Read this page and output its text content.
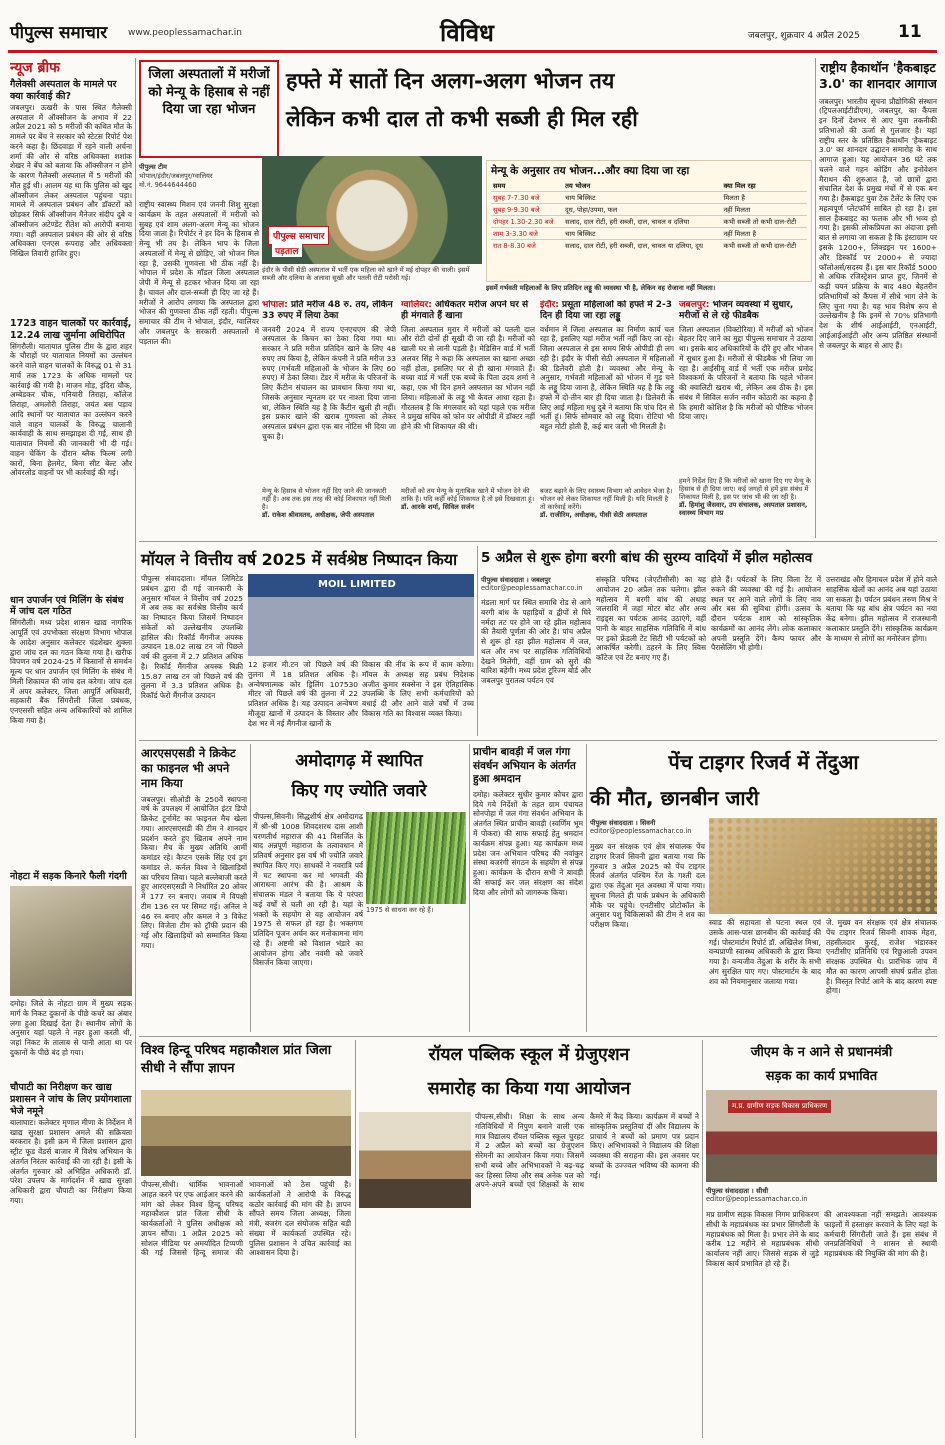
पीपुल्स समाचार www.peoplessamachar.in	विविध	जबलपुर, शुक्रवार 4 अप्रैल 2025 11
न्यूज ब्रीफ
गैलेक्सी अस्पताल के मामले पर क्या कार्रवाई की?
जबलपुर। ऊखरी के पास स्थित गैलेक्सी अस्पताल में ऑक्सीजन के अभाव में 22 अप्रैल 2021 को 5 मरीजों की कथित मौत के मामले पर बेंच ने सरकार को स्टेटस रिपोर्ट पेश करने कहा है। छिंदवाड़ा में रहने वाली अर्चना शर्मा की ओर से वरिष्ठ अधिवक्ता शशांक शेखर ने बेंच को बताया कि ऑक्सीजन न होने के कारण गैलेक्सी अस्पताल में 5 मरीजों की मौत हुई थी। आलम यह था कि पुलिस को खुद ऑक्सीजन लेकर अस्पताल पहुंचना पड़ा। मामले में अस्पताल प्रबंधन और डॉक्टरों को छोड़कर सिर्फ ऑक्सीजन मैनेजर संदीप दुबे व ऑक्सीजन अटेण्डेंट रीतेश को आरोपी बनाया गया। वहीं अस्पताल प्रबंधन की ओर से वरिष्ठ अधिवक्ता एनएस रूपराह और अधिवक्ता निखिल तिवारी हाजिर हुए।
1723 वाहन चालकों पर कार्रवाई, 12.24 लाख जुर्माना अधिरोपित
सिंगरौली। यातायात पुलिस टीम के द्वारा शहर के चौराहों पर यातायात नियमों का उल्लंघन करने वाले वाहन चालकों के विरुद्ध 01 से 31 मार्च तक 1723 के अधिक मामलों पर कार्रवाई की गयी है। माजन मोड़, इंदिरा चौक, अम्बेडकर चौक, गनियारी तिराहा, कॉलेज तिराहा, अमलोरी तिराहा, जयंत बस पड़ाव आदि स्थानों पर यातायात का उल्लंघन करने वाले वाहन चालकों के विरुद्ध चालानी कार्यवाही के साथ समझाइश दी गई, साथ ही यातायात नियमों की जानकारी भी दी गई। वाहन चेकिंग के दौरान ब्लैक फिल्म लगी कारों, बिना हेलमेट, बिना सीट बेल्ट और ओवरलोड वाहनों पर भी कार्रवाई की गई।
धान उपार्जन एवं मिलिंग के संबंध में जांच दल गठित
सिंगरौली। मध्य प्रदेश शासन खाद्य नागरिक आपूर्ति एवं उपभोक्ता संरक्षण विभाग भोपाल के आदेश अनुसार कलेक्टर चंद्रशेखर शुक्ला द्वारा जांच दल का गठन किया गया है। खरीफ विपणन वर्ष 2024-25 में किसानों से समर्थन मूल्य पर धान उपार्जन एवं मिलिंग के संबंध में मिली शिकायत की जांच दल करेगा। जांच दल में अपर कलेक्टर, जिला आपूर्ति अधिकारी, सहकारी बैंक सिंगरौली जिला प्रबंधक, एनएससी सहित अन्य अधिकारियों को शामिल किया गया है।
नोहटा में सड़क किनारे फैली गंदगी
दमोह। जिले के नोहटा ग्राम में मुख्य सड़क मार्ग के निकट दुकानों के पीछे कचरे का अंबार लगा हुआ दिखाई देता है। स्थानीय लोगों के अनुसार यहां पहले ने नहर हुआ करती थी, जहां निकट के तालाब से पानी आता था पर दुकानों के पीछे बंद हो गया।
चौपाटी का निरीक्षण कर खाद्य प्रशासन ने जांच के लिए प्रयोगशाला भेजे नमूने
बालाघाट। कलेक्टर मृणाल मीणा के निर्देशन में खाद्य सुरक्षा प्रशासन अमले की सक्रियता बरकरार है। इसी क्रम में जिला प्रशासन द्वारा स्ट्रीट फूड वेंडर्स बाजार में विशेष अभियान के अंतर्गत निरंतर कार्रवाई की जा रही है। इसी के अंतर्गत गुरुवार को अभिहित अधिकारी डॉ. परेश उपलप के मार्गदर्शन में खाद्य सुरक्षा अधिकारी द्वारा चौपाटी का निरीक्षण किया गया।
जिला अस्पतालों में मरीजों को मेन्यू के हिसाब से नहीं दिया जा रहा भोजन
हफ्ते में सातों दिन अलग-अलग भोजन तय
लेकिन कभी दाल तो कभी सब्जी ही मिल रही
पीपुल्स टीम
भोपाल/इंदौर/जबलपुर/ग्वालियर
मो.नं. 9644644460
राष्ट्रीय स्वास्थ्य मिशन एवं जननी शिशु सुरक्षा कार्यक्रम के तहत अस्पतालों में मरीजों को सुबह एवं शाम अलग-अलग मेन्यू का भोजन दिया जाता है। रिपोर्टर ने हर दिन के हिसाब से मेन्यू भी तय है। लेकिन भाप के जिला अस्पतालों में मेन्यू से छोड़िए, जो भोजन मिल रहा है, उसकी गुणवत्ता भी ठीक नहीं है। भोपाल में प्रदेश के मॉडल जिला अस्पताल जेपी में मेन्यू से हटकर भोजन दिया जा रहा है। चावल और दाल-सब्जी ही दिए जा रहे हैं। मरीजों ने आरोप लगाया कि अस्पताल द्वारा भोजन की गुणवत्ता ठीक नहीं रहती। पीपुल्स समाचार की टीम ने भोपाल, इंदौर, ग्वालियर और जबलपुर के सरकारी अस्पतालों में पड़ताल की।
पीपुल्स समाचार
पड़ताल
इंदौर के पीसी सेठी अस्पताल में भर्ती एक महिला को खाने में मई दोपहर की थाली। इसमें सब्जी और दलिया के अलावा सूखी और पतली रोटी परोसी गई।
मेन्यू के अनुसार तय भोजन...और क्या दिया जा रहा
समय	तय भोजन	क्या मिल रहा
सुबह 7-7.30 बजे	चाय बिस्किट	मिलता है
सुबह 9-9.30 बजे	दूध, पोहा/उपमा, फल	नहीं मिलता
दोपहर 1.30-2.30 बजे	सलाद, दाल रोटी, हरी सब्जी, दाल, चावल व दलिया	कभी सब्जी तो कभी दाल-रोटी
शाम 3-3.30 बजे	चाय बिस्किट	नहीं मिलता है
रात 8-8.30 बजे	सलाद, दाल रोटी, हरी सब्जी, दाल, चावल या दलिया, दूध	कभी सब्जी तो कभी दाल-रोटी
इसमें गर्भवती महिलाओं के लिए प्रतिदिन लड्डू की व्यवस्था भी है, लेकिन वह रोजाना नहीं मिलता।
भोपाल: प्रति मरीज 48 रु. तय, लेकिन 33 रुपए में लिया ठेका
जनवरी 2024 में राज्य एनएचएम की जेपी अस्पताल के किचन का ठेका दिया गया था। सरकार ने प्रति मरीज प्रतिदिन खाने के लिए 48 रुपए तय किया है, लेकिन कंपनी ने प्रति मरीज 33 रुपए (गर्भवती महिलाओं के भोजन के लिए 60 रुपए) में ठेका लिया। टेंडर में मरीज के परिजनों के लिए कैंटीन संचालन का प्रावधान किया गया था, जिसके अनुसार न्यूनतम दर पर नाश्ता दिया जाना था, लेकिन स्थिति यह है कि कैंटीन खुली ही नहीं। इस प्रकार खाने की खराब गुणवत्ता को लेकर अस्पताल प्रबंधन द्वारा एक बार नोटिस भी दिया जा चुका है।
मेन्यू के हिसाब से भोजन नहीं दिए जाने की जानकारी नहीं है। अब तक इस तरह की कोई शिकायत नहीं मिली है।
डॉ. राकेश श्रीवास्तव, अधीक्षक, जेपी अस्पताल
ग्वालियर: अधिकतर मरीज अपने घर से ही मंगवाते हैं खाना
जिला अस्पताल मुरार में मरीजों को पतली दाल और रोटी दोनों ही सूखी दी जा रही है। मरीजों को खाली घर से लानी पड़ती है। मेडिसिन वार्ड में भर्ती अलवर सिंह ने कहा कि अस्पताल का खाना अच्छा नहीं होता, इसलिए घर से ही खाना मंगवाते हैं। बच्चा वार्ड में भर्ती एक बच्चे के पिता उदय शर्मा ने कहा, एक भी दिन हमने अस्पताल का भोजन नहीं लिया। महिलाओं के लड्डू भी केवल आधा रहता है। गौरतलब है कि मंगलवार को यहां पहले एक मरीज ने प्रमुख सचिव को फोन पर ओपीडी में डॉक्टर नहीं होने की भी शिकायत की थी।
मरीजों को तय मेन्यू के मुताबिक खाने में भोजन देने की ताकि है। यदि कहीं कोई शिकायत है तो इसे दिखवाता हूं।
डॉ. आरके शर्मा, सिविल सर्जन
इंदौर: प्रसूता महिलाओं को हफ्ते में 2-3 दिन ही दिया जा रहा लड्डू
वर्धमान में जिला अस्पताल का निर्माण कार्य चल रहा है, इसलिए यहां मरीज भर्ती नहीं किए जा रहे। जिला अस्पताल से इस समय सिर्फ ओपीडी ही लग रही है। इंदौर के पीसी सेठी अस्पताल में महिलाओं की डिलेवरी होती है। व्यवस्था और मेन्यू के अनुसार, गर्भवती महिलाओं को भोजन में गुड़ चने के लड्डू दिया जाना है, लेकिन स्थिति यह है कि लड्डू हफ्ते में दो-तीन बार ही दिया जाता है। डिलेवरी के लिए आई महिला मधु दुबे ने बताया कि पांच दिन से भर्ती हूं। सिर्फ सोमवार को लड्डू दिया। रोटियां भी बहुत मोटी होती हैं, कई बार जली भी मिलती है।
बजट बढ़ाने के लिए स्वास्थ्य विभाग को आवेदन भेजा है। भोजन को लेकर शिकायत नहीं मिली है। यदि मिलती है तो कार्रवाई करेंगे।
डॉ. राजीरिम, अधीक्षक, पीसी सेठी अस्पताल
जबलपुर: भोजन व्यवस्था में सुधार, मरीजों से ले रहे फीडबैक
जिला अस्पताल (विक्टोरिया) में मरीजों को भोजन बेहतर दिए जाने का मुद्दा पीपुल्स समाचार ने उठाया था। इसके बाद अधिकारियों के दौरे हुए और भोजन में सुधार हुआ है। मरीजों से फीडबैक भी लिया जा रहा है। आईसीयू वार्ड में भर्ती एक मरीज प्रमोद विश्वकर्मा के परिजनों ने बताया कि पहले भोजन की क्वालिटी खराब थी, लेकिन अब ठीक है। इस संबंध में सिविल सर्जन नवीन कोठारी का कहना है कि हमारी कोशिश है कि मरीजों को पौष्टिक भोजन दिया जाए।
हमने निर्देश दिए हैं कि मरीजों को खाना दिए गए मेन्यू के हिसाब से ही दिया जाए। कई जगहों से हमें इस संबंध में शिकायत मिली है, इस पर जांच भी की जा रही है।
डॉ. हिमांशु जैसवार, उप संचालक, अस्पताल प्रशासन, स्वास्थ्य विभाग मप्र
राष्ट्रीय हैकाथॉन 'हैकबाइट 3.0' का शानदार आगाज
जबलपुर। भारतीय सूचना प्रौद्योगिकी संस्थान (ट्रिपलआईटीडीएम), जबलपुर, का कैंपस इन दिनों देशभर से आए युवा तकनीकी प्रतिभाओं की ऊर्जा से गुलजार है। यहां राष्ट्रीय स्तर के प्रतिष्ठित हैकाथॉन 'हैकबाइट 3.0' का शानदार उद्घाटन समारोह के साथ आगाज हुआ। यह आयोजन 36 घंटे तक चलने वाले गहन कोडिंग और इनोवेशन मैराथन की शुरुआत है, जो छात्रों द्वारा संचालित देश के प्रमुख मंचों में से एक बन गया है। हैकबाइट युवा टेक टैलेंट के लिए एक महत्वपूर्ण प्लेटफॉर्म साबित हो रहा है। इस साल हैकबाइट का फलक और भी भव्य हो गया है। इसकी लोकप्रियता का अंदाजा इसी बात से लगाया जा सकता है कि इंस्टाग्राम पर इसके 1200+, लिंक्डइन पर 1600+ और डिस्कॉर्ड पर 2000+ से ज्यादा फॉलोअर्स/सदस्य हैं। इस बार रिकॉर्ड 5000 से अधिक रजिस्ट्रेशन प्राप्त हुए, जिनमें से कड़ी चयन प्रक्रिया के बाद 480 बेहतरीन प्रतिभागियों को कैंपस में सीधे भाग लेने के लिए चुना गया है। यह भाव विशेष रूप से उल्लेखनीय है कि इनमें से 70% प्रतिभागी देश के शीर्ष आईआईटी, एनआईटी, आईआईआईटी और अन्य प्रतिष्ठित संस्थानों से जबलपुर के बाहर से आए हैं।
मॉयल ने वित्तीय वर्ष 2025 में सर्वश्रेष्ठ निष्पादन किया
पीपुल्स संवाददाता। मॉयल लिमिटेड प्रबंधन द्वारा दी गई जानकारी के अनुसार मॉयल ने वित्तीय वर्ष 2025 में अब तक का सर्वश्रेष्ठ वित्तीय कार्य का निष्पादन किया जिसमें निष्पादन संकेतों को उल्लेखनीय उपलब्धि हासिल की। रिकॉर्ड मैंगनीज अयस्क उत्पादन 18.02 लाख टन जो पिछले वर्ष की तुलना में 2.7 प्रतिशत अधिक है। रिकॉर्ड मैंगनीज अयस्क बिक्री 15.87 लाख टन जो पिछले वर्ष की तुलना में 3.3 प्रतिशत अधिक है। रिकॉर्ड फेरो मैंगनीज उत्पादन
MOIL LIMITED
12 हजार मी.टन जो पिछले वर्ष की तुलना में 18 प्रतिशत अधिक है। अन्वेषणात्मक कोर ड्रिलिंग 107530 मीटर जो पिछले वर्ष की तुलना में 22 प्रतिशत अधिक है। यह उत्पादन अन्वेषण मौजूदा खानों में उत्पादन के विस्तार और देश भर में नई मैंगनीज खानों के
विकास की नींव के रूप में काम करेगा। मॉयल के अध्यक्ष सह प्रबंध निदेशक अजीत कुमार सक्सेना ने इस ऐतिहासिक उपलब्धि के लिए सभी कर्मचारियों को बधाई दी और आने वाले वर्षों में उच्च विकास गति का विश्वास व्यक्त किया।
5 अप्रैल से शुरू होगा बरगी बांध की सुरम्य वादियों में झील महोत्सव
पीपुल्स संवाददाता । जबलपुर
editor@peoplessamachar.co.in
मंडला मार्ग पर स्थित समाधि रोड से आगे बरगी बांध के पहाड़ियों व द्वीपों से घिरे नर्मदा तट पर होने जा रहे झील महोत्सव की तैयारी पूर्णता की ओर है। पांच अप्रैल से शुरू हो रहा झील महोत्सव में जल, थल और नभ पर साहसिक गतिविधियों देखने मिलेंगी, वहीं ग्राम को सुरों की बारिश बहेगी। मध्य प्रदेश टूरिज्म बोर्ड और जबलपुर पुरातत्व पर्यटन एवं
संस्कृति परिषद (जेएटीसीसी) का यह आयोजन 20 अप्रैल तक चलेगा। झील महोत्सव में बरगी बांध की अथाह जलराशि में जहां मोटर बोट और अन्य राइड्स का पर्यटक आनंद उठाएंगे, वहीं पानी के बाहर साहसिक गतिविधि में बांध पर इको फ्रेंडली टेंट सिटी भी पर्यटकों को आकर्षित करेगी। ठहरने के लिए स्विस कॉटेज एवं टेंट बनाए गए हैं।
होते हैं। पर्यटकों के लिए विला टेंट में रुकने की व्यवस्था की गई है। आयोजन स्थल पर आने वाले लोगों के लिए नाव और बस की सुविधा होगी। उत्सव के दौरान पर्यटक शाम को सांस्कृतिक कार्यक्रमों का आनंद लेंगे। लोक कलाकार अपनी प्रस्तुति देंगे। कैम्प फायर और पैरासेलिंग भी होगी।
उत्तराखंड और हिमाचल प्रदेश में होने वाले साहसिक खेलों का आनंद अब यहां उठाया जा सकता है। पर्यटन प्रबंधन तरुण मिश्र ने बताया कि यह बांध क्षेत्र पर्यटन का नया केंद्र बनेगा। झील महोत्सव में राजस्थानी कलाकार प्रस्तुति देंगे। सांस्कृतिक कार्यक्रम के माध्यम से लोगों का मनोरंजन होगा।
आरएसएसडी ने क्रिकेट का फाइनल भी अपने नाम किया
जबलपुर। सीओडी के 250वें स्थापना वर्ष के उपलक्ष्य में आयोजित इंटर डिपो क्रिकेट टूर्नामेंट का फाइनल मैच खेला गया। आरएसएसडी की टीम ने शानदार प्रदर्शन करते हुए खिताब अपने नाम किया। मैच के मुख्य अतिथि आर्मी कमांडर रहे। कैप्टन एसके सिंह एवं ड्रग कमांडर ले. कर्नल विश्व ने खिलाड़ियों का परिचय लिया। पहले बल्लेबाजी करते हुए आरएसएसडी ने निर्धारित 20 ओवर में 177 रन बनाए। जवाब में विपक्षी टीम 136 रन पर सिमट गई। अनिल ने 46 रन बनाए और कमल ने 3 विकेट लिए। विजेता टीम को ट्रॉफी प्रदान की गई और खिलाड़ियों को सम्मानित किया गया।
अमोदागढ़ में स्थापित
किए गए ज्योति जवारे
पीपल्स,सिवनी। सिद्धशीर्ष क्षेत्र अमोदागढ़ में श्री-श्री 1008 शिवदशरथ दास आशी चरणतीर्थ महाराज की 41 विसर्जित के बाद अन्नपूर्ण महाराज के तत्वावधान में प्रतिवर्ष अनुसार इस वर्ष भी ज्योति जवारे स्थापित किए गए। साधकों ने नवरात्रि पर्व में घट स्थापना कर मां भगवती की आराधना आरंभ की है। आश्रम के संचालक मंडल ने बताया कि ये परंपरा कई वर्षों से चली आ रही है। यहां के भक्तों के सहयोग से यह आयोजन वर्ष 1975 से सफल हो रहा है। भक्तगण प्रतिदिन पूजन अर्चन कर मनोकामना मांग रहे हैं। अष्टमी को विशाल भंडारे का आयोजन होगा और नवमी को जवारे विसर्जन किया जाएगा।
1975 से साधना कर रहे हैं।
प्राचीन बावड़ी में जल गंगा संवर्धन अभियान के अंतर्गत हुआ श्रमदान
दमोह। कलेक्टर सुधीर कुमार कोचर द्वारा दिये गये निर्देशों के तहत ग्राम पंचायत सोनपोहा में जल गंगा संवर्धन अभियान के अंतर्गत स्थित प्राचीन बावड़ी (स्वर्णिम भूम में पोकरा) की साफ सफाई हेतु श्रमदान कार्यक्रम संपन्न हुआ। यह कार्यक्रम मध्य प्रदेश जन अभियान परिषद की नवांकुर संस्था बजरंगी संगठन के सहयोग से संपन्न हुआ। कार्यक्रम के दौरान सभी ने बावड़ी की सफाई कर जल संरक्षण का संदेश दिया और लोगों को जागरूक किया।
पेंच टाइगर रिजर्व में तेंदुआ
की मौत, छानबीन जारी
पीपुल्स संवाददाता । सिवनी
editor@peoplessamachar.co.in
मुख्य वन संरक्षक एवं क्षेत्र संचालक पेंच टाइगर रिजर्व सिवनी द्वारा बताया गया कि गुरुवार 3 अप्रैल 2025 को पेंच टाइगर रिजर्व अंतर्गत पश्चिम रेंज के गश्ती दल द्वारा एक तेंदुआ मृत अवस्था में पाया गया। सूचना मिलते ही पार्क प्रबंधन के अधिकारी मौके पर पहुंचे। एनटीसीए प्रोटोकॉल के अनुसार पशु चिकित्सकों की टीम ने शव का परीक्षण किया।	स्वाड की सहायता से घटना स्थल एवं उसके आस-पास छानबीन की कार्रवाई की गई। पोस्टमार्टम रिपोर्ट डॉ. अखिलेश मिश्रा, वन्यप्राणी स्वास्थ्य अधिकारी के द्वारा किया गया है। वन्यजीव तेंदुआ के शरीर के सभी अंग सुरक्षित पाए गए। पोस्टमार्टम के बाद शव को नियमानुसार जलाया गया।
जे. मुख्य वन संरक्षक एवं क्षेत्र संचालक पेंच टाइगर रिजर्व सिवनी शावक मेहरा, तहसीलदार कुरई, राजेश भंडारकर एनटीसीए प्रतिनिधि एवं रिछुआली उपवन संरक्षक उपस्थित थे। प्रारंभिक जांच में मौत का कारण आपसी संघर्ष प्रतीत होता है। विस्तृत रिपोर्ट आने के बाद कारण स्पष्ट होगा।
विश्व हिन्दू परिषद महाकौशल प्रांत जिला सीधी ने सौंपा ज्ञापन
पीपल्स,सीधी। धार्मिक भावनाओं आहत करने पर एफ आईआर करने की मांग को लेकर विश्व हिन्दू परिषद महाकौशल प्रांत जिला सीधी के कार्यकर्ताओं ने पुलिस अधीक्षक को ज्ञापन सौंपा। 1 अप्रैल 2025 को सोशल मीडिया पर अमर्यादित टिप्पणी की गई जिससे हिन्दू समाज की भावनाओं को ठेस पहुंची है। कार्यकर्ताओं ने आरोपी के विरुद्ध कठोर कार्रवाई की मांग की है। ज्ञापन सौंपते समय जिला अध्यक्ष, जिला मंत्री, बजरंग दल संयोजक सहित बड़ी संख्या में कार्यकर्ता उपस्थित रहे। पुलिस प्रशासन ने उचित कार्रवाई का आश्वासन दिया है।
रॉयल पब्लिक स्कूल में ग्रेजुएशन
समारोह का किया गया आयोजन
पीपल्स,सीधी। शिक्षा के साथ अन्य गतिविधियों में निपुण बनाने वाली एक मात्र विद्यालय रॉयल पब्लिक स्कूल चुरहट में 2 अप्रैल को बच्चों का ग्रेजुएशन सेरेमनी का आयोजन किया गया। जिसमें सभी बच्चे और अभिभावकों ने बढ़-चढ़ कर हिस्सा लिया और सब अनेक पल को अपने-अपने बच्चों एवं शिक्षकों के साथ कैमरे में कैद किया। कार्यक्रम में बच्चों ने सांस्कृतिक प्रस्तुतियां दीं और विद्यालय के प्राचार्य ने बच्चों को प्रमाण पत्र प्रदान किए। अभिभावकों ने विद्यालय की शिक्षा व्यवस्था की सराहना की। इस अवसर पर बच्चों के उज्ज्वल भविष्य की कामना की गई।
जीएम के न आने से प्रधानमंत्री
सड़क का कार्य प्रभावित
म.प्र. ग्रामीण सड़क विकास प्राधिकरण
पीपुल्स संवाददाता । सीधी
editor@peoplessamachar.co.in
मप्र ग्रामीण सड़क विकास निगम प्राधिकरण सीधी के महाप्रबंधक का प्रभार सिंगरौली के महाप्रबंधक को मिला है। प्रभार लेने के बाद करीब 12 महीने से महाप्रबंधक सीधी कार्यालय नहीं आए। जिससे सड़क से जुड़े विकास कार्य प्रभावित हो रहे हैं।
की आवश्यकता नहीं समझते। आवश्यक फाइलों में हस्ताक्षर करवाने के लिए यहां के कर्मचारी सिंगरौली जाते हैं। इस संबंध में जनप्रतिनिधियों ने शासन से स्थायी महाप्रबंधक की नियुक्ति की मांग की है।
